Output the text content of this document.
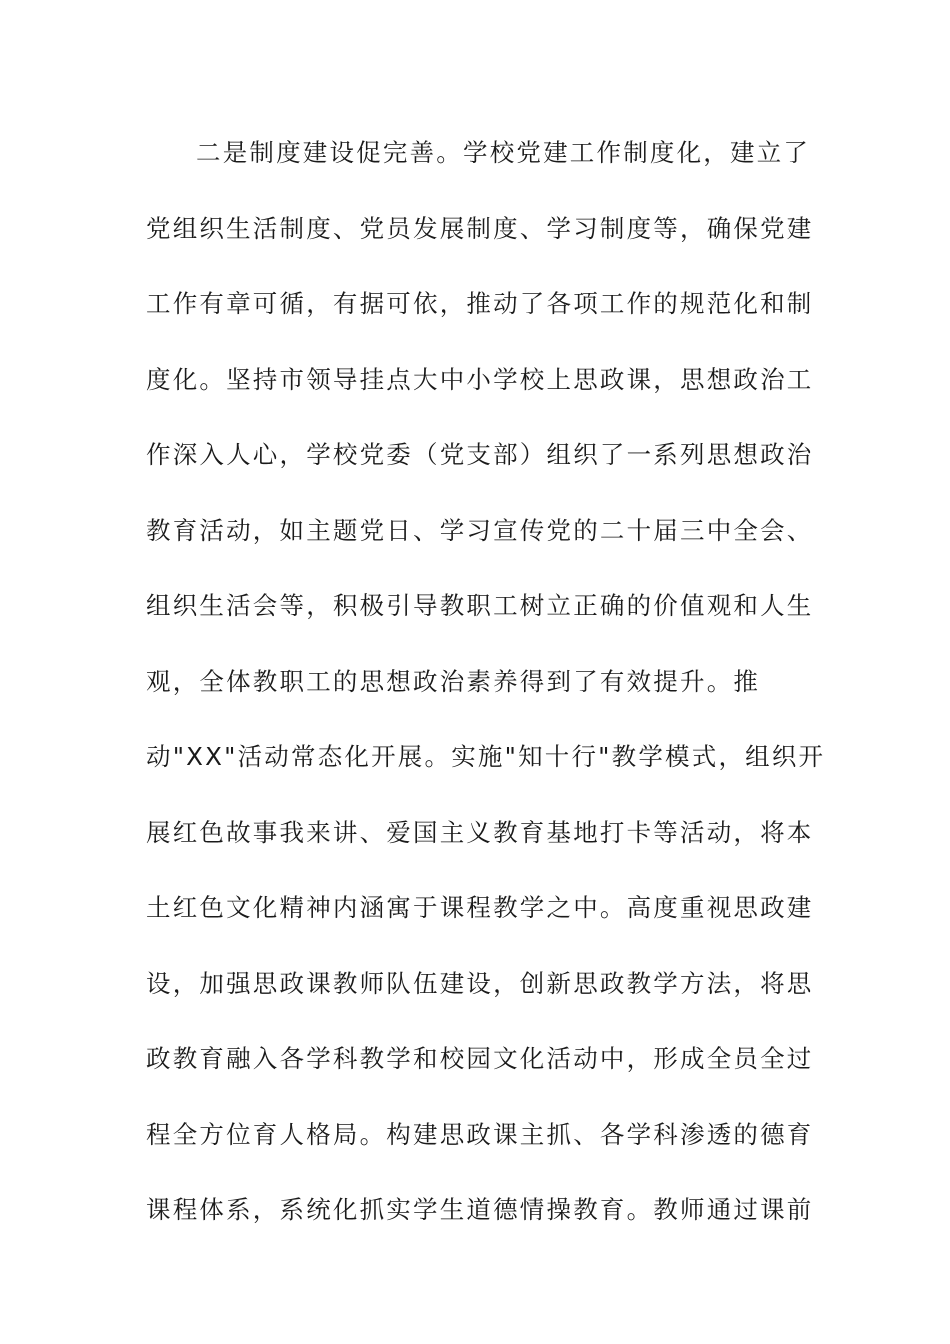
二是制度建设促完善。学校党建工作制度化，建立了
党组织生活制度、党员发展制度、学习制度等，确保党建
工作有章可循，有据可依，推动了各项工作的规范化和制
度化。坚持市领导挂点大中小学校上思政课，思想政治工
作深入人心，学校党委（党支部）组织了一系列思想政治
教育活动，如主题党日、学习宣传党的二十届三中全会、
组织生活会等，积极引导教职工树立正确的价值观和人生
观，全体教职工的思想政治素养得到了有效提升。推
动"XX"活动常态化开展。实施"知十行"教学模式，组织开
展红色故事我来讲、爱国主义教育基地打卡等活动，将本
土红色文化精神内涵寓于课程教学之中。高度重视思政建
设，加强思政课教师队伍建设，创新思政教学方法，将思
政教育融入各学科教学和校园文化活动中，形成全员全过
程全方位育人格局。构建思政课主抓、各学科渗透的德育
课程体系，系统化抓实学生道德情操教育。教师通过课前
